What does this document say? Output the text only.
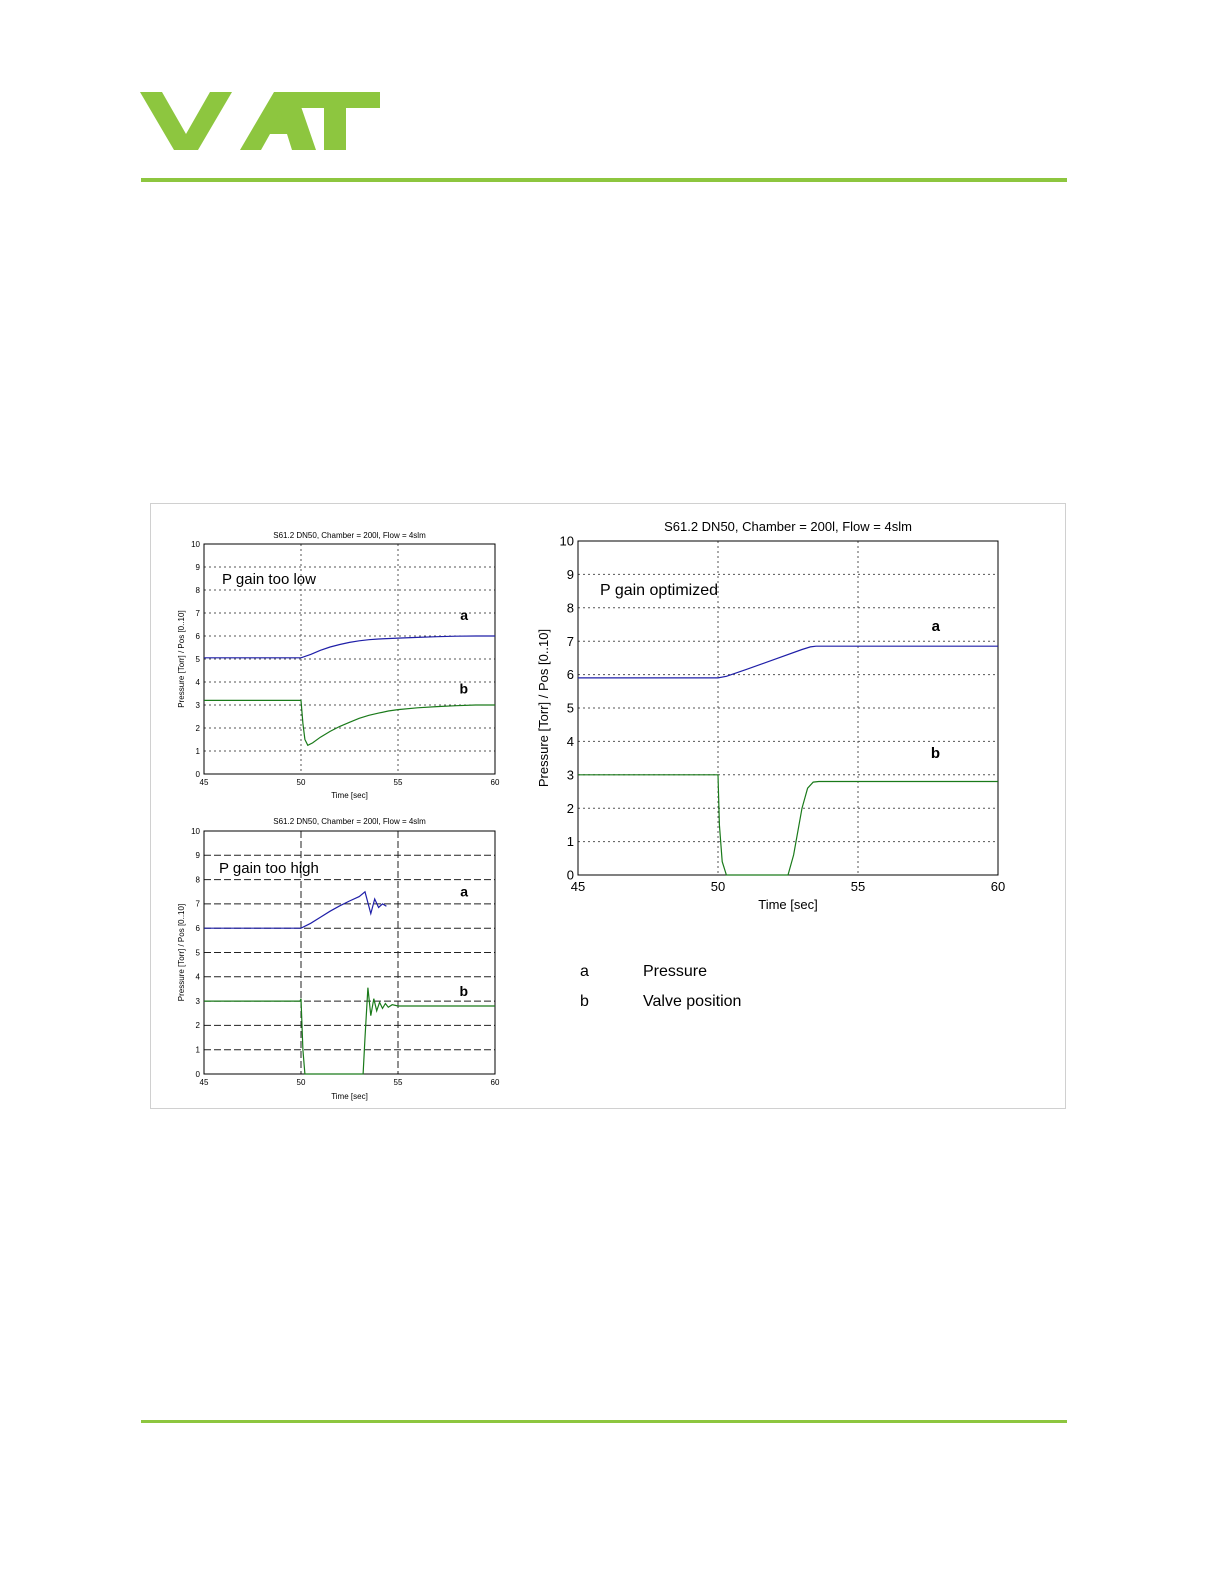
0
1
2
3
4
5
6
7
8
9
10
45	50	55	60
S61.2 DN50, Chamber = 200l, Flow = 4slm
Time [sec]
Pressure [Torr] / Pos [0..10]
P gain too low
a
b
0
1
2
3
4
5
6
7
8
9
10
45	50	55	60
S61.2 DN50, Chamber = 200l, Flow = 4slm
Time [sec]
Pressure [Torr] / Pos [0..10]
P gain too high
a
b
0
1
2
3
4
5
6
7
8
9
10
45	50	55	60
S61.2 DN50, Chamber = 200l, Flow = 4slm
Time [sec]
Pressure [Torr] / Pos [0..10]
P gain optimized
a
b
a	Pressure
b	Valve position
